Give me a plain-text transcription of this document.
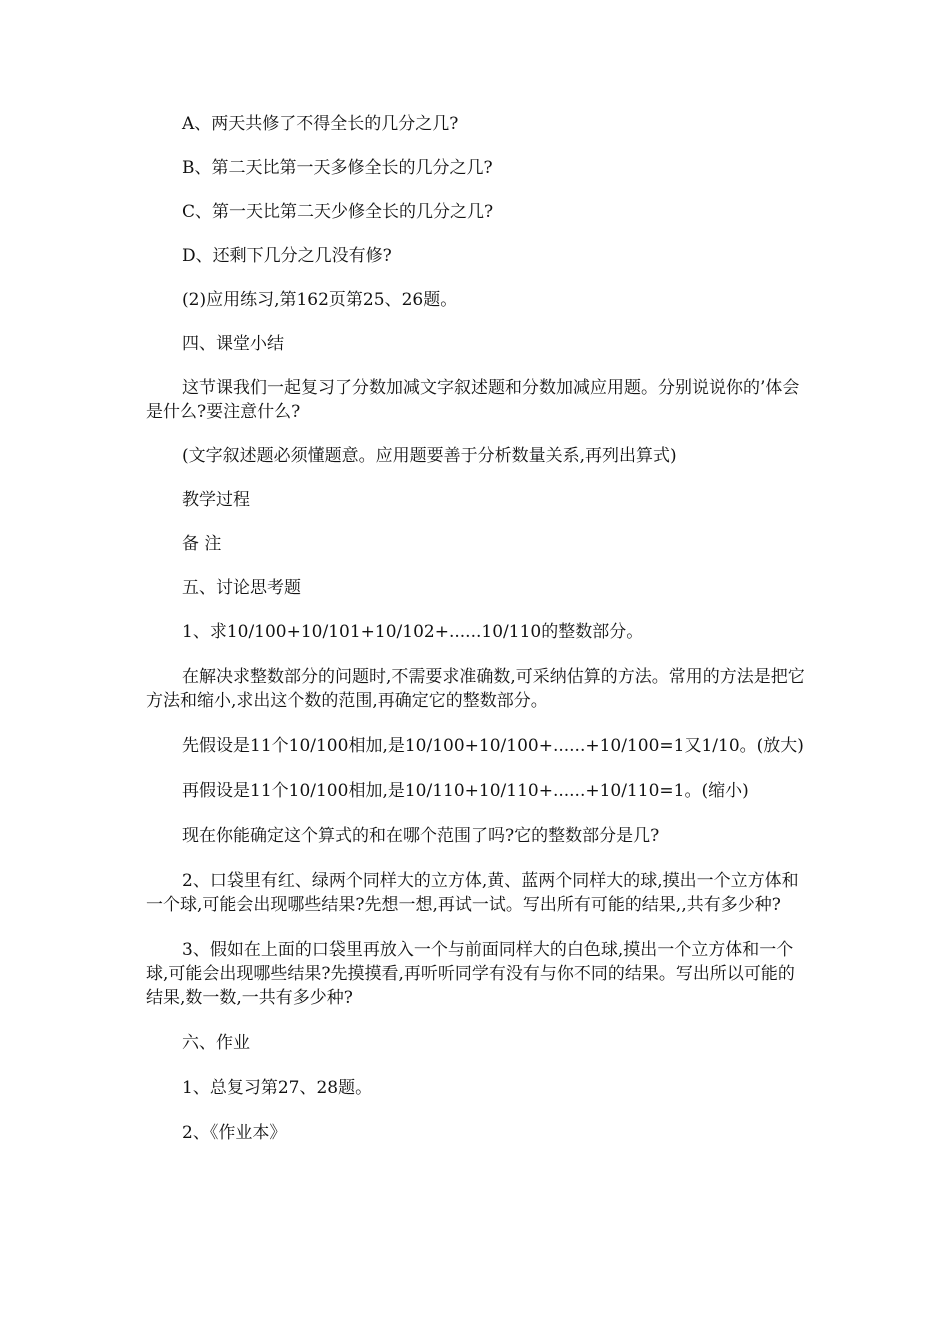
A、两天共修了不得全长的几分之几?

B、第二天比第一天多修全长的几分之几?

C、第一天比第二天少修全长的几分之几?

D、还剩下几分之几没有修?

(2)应用练习,第162页第25、26题。

四、课堂小结

这节课我们一起复习了分数加减文字叙述题和分数加减应用题。分别说说你的’体会是什么?要注意什么?

(文字叙述题必须懂题意。应用题要善于分析数量关系,再列出算式)

教学过程

备 注

五、讨论思考题

1、求10/100+10/101+10/102+......10/110的整数部分。

在解决求整数部分的问题时,不需要求准确数,可采纳估算的方法。常用的方法是把它方法和缩小,求出这个数的范围,再确定它的整数部分。

先假设是11个10/100相加,是10/100+10/100+......+10/100=1又1/10。(放大)

再假设是11个10/100相加,是10/110+10/110+......+10/110=1。(缩小)

现在你能确定这个算式的和在哪个范围了吗?它的整数部分是几?

2、口袋里有红、绿两个同样大的立方体,黄、蓝两个同样大的球,摸出一个立方体和一个球,可能会出现哪些结果?先想一想,再试一试。写出所有可能的结果,,共有多少种?

3、假如在上面的口袋里再放入一个与前面同样大的白色球,摸出一个立方体和一个球,可能会出现哪些结果?先摸摸看,再听听同学有没有与你不同的结果。写出所以可能的结果,数一数,一共有多少种?

六、作业

1、总复习第27、28题。

2、《作业本》
